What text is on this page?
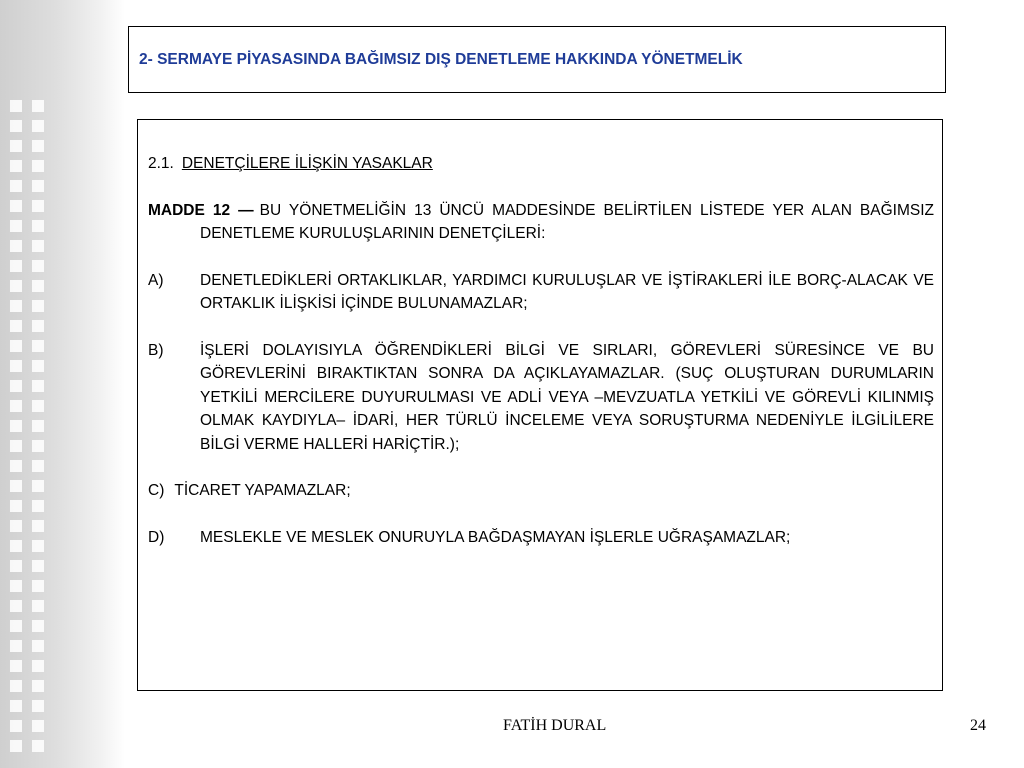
2- SERMAYE PİYASASINDA BAĞIMSIZ DIŞ DENETLEME HAKKINDA YÖNETMELİK

2.1. DENETÇİLERE İLİŞKİN YASAKLAR

MADDE 12 — BU YÖNETMELİĞİN 13 ÜNCÜ MADDESİNDE BELİRTİLEN LİSTEDE YER ALAN BAĞIMSIZ DENETLEME KURULUŞLARININ DENETÇİLERİ:

A) DENETLEDİKLERİ ORTAKLIKLAR, YARDIMCI KURULUŞLAR VE İŞTİRAKLERİ İLE BORÇ-ALACAK VE ORTAKLIK İLİŞKİSİ İÇİNDE BULUNAMAZLAR;

B) İŞLERİ DOLAYISIYLA ÖĞRENDİKLERİ BİLGİ VE SIRLARI, GÖREVLERİ SÜRESİNCE VE BU GÖREVLERİNİ BIRAKTIKTAN SONRA DA AÇIKLAYAMAZLAR. (SUÇ OLUŞTURAN DURUMLARIN YETKİLİ MERCİLERE DUYURULMASI VE ADLİ VEYA –MEVZUATLA YETKİLİ VE GÖREVLİ KILINMIŞ OLMAK KAYDIYLA– İDARİ, HER TÜRLÜ İNCELEME VEYA SORUŞTURMA NEDENİYLE İLGİLİLERE BİLGİ VERME HALLERİ HARİÇTİR.);

C) TİCARET YAPAMAZLAR;

D) MESLEKLE VE MESLEK ONURUYLA BAĞDAŞMAYAN İŞLERLE UĞRAŞAMAZLAR;

FATİH DURAL	24
